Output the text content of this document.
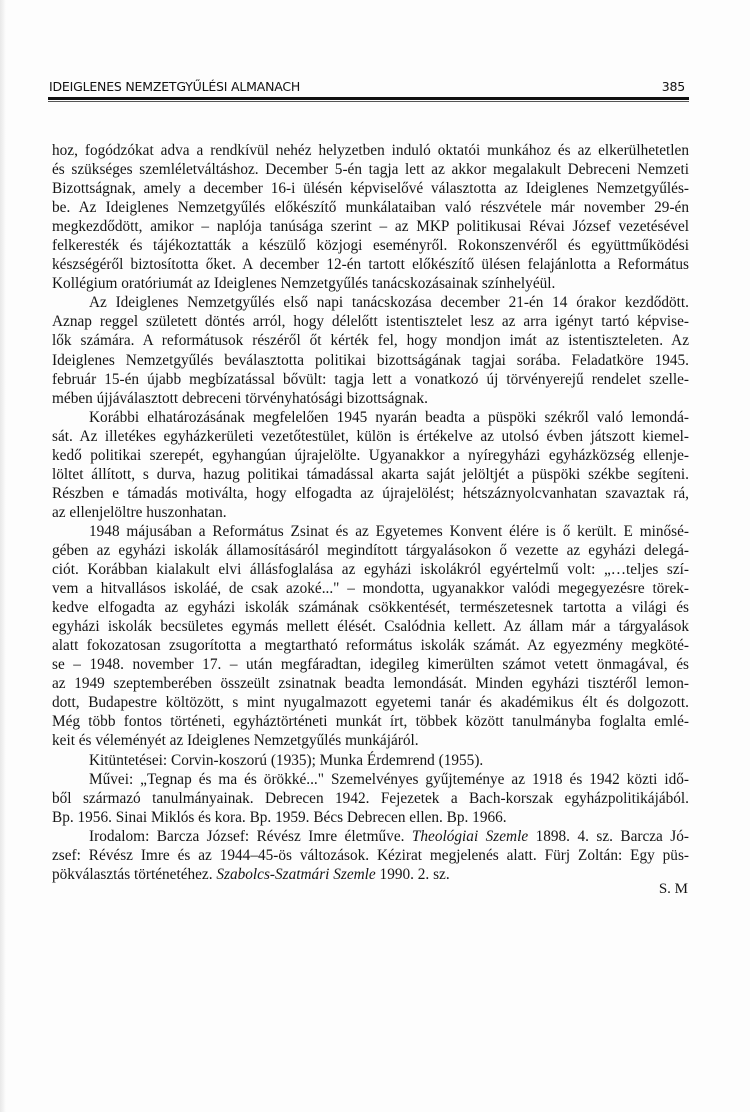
IDEIGLENES NEMZETGYŰLÉSI ALMANACH	385
hoz, fogódzókat adva a rendkívül nehéz helyzetben induló oktatói munkához és az elkerülhetetlen
és szükséges szemléletváltáshoz. December 5-én tagja lett az akkor megalakult Debreceni Nemzeti
Bizottságnak, amely a december 16-i ülésén képviselővé választotta az Ideiglenes Nemzetgyűlés-
be. Az Ideiglenes Nemzetgyűlés előkészítő munkálataiban való részvétele már november 29-én
megkezdődött, amikor – naplója tanúsága szerint – az MKP politikusai Révai József vezetésével
felkeresték és tájékoztatták a készülő közjogi eseményről. Rokonszenvéről és együttműködési
készségéről biztosította őket. A december 12-én tartott előkészítő ülésen felajánlotta a Református
Kollégium oratóriumát az Ideiglenes Nemzetgyűlés tanácskozásainak színhelyéül.
Az Ideiglenes Nemzetgyűlés első napi tanácskozása december 21-én 14 órakor kezdődött.
Aznap reggel született döntés arról, hogy délelőtt istentisztelet lesz az arra igényt tartó képvise-
lők számára. A reformátusok részéről őt kérték fel, hogy mondjon imát az istentiszteleten. Az
Ideiglenes Nemzetgyűlés beválasztotta politikai bizottságának tagjai sorába. Feladatköre 1945.
február 15-én újabb megbízatással bővült: tagja lett a vonatkozó új törvényerejű rendelet szelle-
mében újjáválasztott debreceni törvényhatósági bizottságnak.
Korábbi elhatározásának megfelelően 1945 nyarán beadta a püspöki székről való lemondá-
sát. Az illetékes egyházkerületi vezetőtestület, külön is értékelve az utolsó évben játszott kiemel-
kedő politikai szerepét, egyhangúan újrajelölte. Ugyanakkor a nyíregyházi egyházközség ellenje-
löltet állított, s durva, hazug politikai támadással akarta saját jelöltjét a püspöki székbe segíteni.
Részben e támadás motiválta, hogy elfogadta az újrajelölést; hétszáznyolcvanhatan szavaztak rá,
az ellenjelöltre huszonhatan.
1948 májusában a Református Zsinat és az Egyetemes Konvent élére is ő került. E minősé-
gében az egyházi iskolák államosításáról megindított tárgyalásokon ő vezette az egyházi delegá-
ciót. Korábban kialakult elvi állásfoglalása az egyházi iskolákról egyértelmű volt: „…teljes szí-
vem a hitvallásos iskoláé, de csak azoké..." – mondotta, ugyanakkor valódi megegyezésre törek-
kedve elfogadta az egyházi iskolák számának csökkentését, természetesnek tartotta a világi és
egyházi iskolák becsületes egymás mellett élését. Csalódnia kellett. Az állam már a tárgyalások
alatt fokozatosan zsugorította a megtartható református iskolák számát. Az egyezmény megköté-
se – 1948. november 17. – után megfáradtan, idegileg kimerülten számot vetett önmagával, és
az 1949 szeptemberében összeült zsinatnak beadta lemondását. Minden egyházi tisztéről lemon-
dott, Budapestre költözött, s mint nyugalmazott egyetemi tanár és akadémikus élt és dolgozott.
Még több fontos történeti, egyháztörténeti munkát írt, többek között tanulmányba foglalta emlé-
keit és véleményét az Ideiglenes Nemzetgyűlés munkájáról.
Kitüntetései: Corvin-koszorú (1935); Munka Érdemrend (1955).
Művei: „Tegnap és ma és örökké..." Szemelvényes gyűjteménye az 1918 és 1942 közti idő-
ből származó tanulmányainak. Debrecen 1942. Fejezetek a Bach-korszak egyházpolitikájából.
Bp. 1956. Sinai Miklós és kora. Bp. 1959. Bécs Debrecen ellen. Bp. 1966.
Irodalom: Barcza József: Révész Imre életműve. Theológiai Szemle 1898. 4. sz. Barcza Jó-
zsef: Révész Imre és az 1944–45-ös változások. Kézirat megjelenés alatt. Fürj Zoltán: Egy püs-
pökválasztás történetéhez. Szabolcs-Szatmári Szemle 1990. 2. sz.
S. M
